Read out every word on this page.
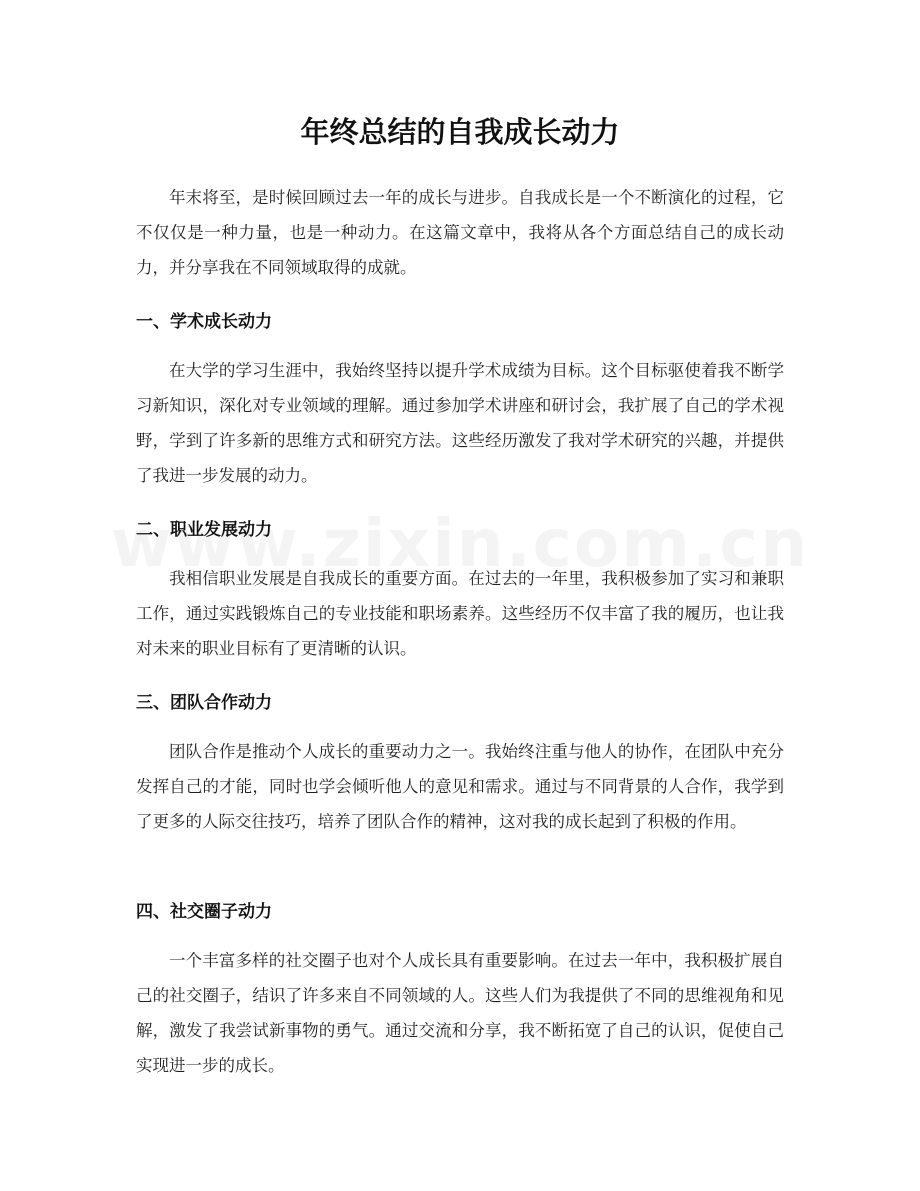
年终总结的自我成长动力

年末将至，是时候回顾过去一年的成长与进步。自我成长是一个不断演化的过程，它不仅仅是一种力量，也是一种动力。在这篇文章中，我将从各个方面总结自己的成长动力，并分享我在不同领域取得的成就。

一、学术成长动力

在大学的学习生涯中，我始终坚持以提升学术成绩为目标。这个目标驱使着我不断学习新知识，深化对专业领域的理解。通过参加学术讲座和研讨会，我扩展了自己的学术视野，学到了许多新的思维方式和研究方法。这些经历激发了我对学术研究的兴趣，并提供了我进一步发展的动力。

二、职业发展动力

我相信职业发展是自我成长的重要方面。在过去的一年里，我积极参加了实习和兼职工作，通过实践锻炼自己的专业技能和职场素养。这些经历不仅丰富了我的履历，也让我对未来的职业目标有了更清晰的认识。

三、团队合作动力

团队合作是推动个人成长的重要动力之一。我始终注重与他人的协作，在团队中充分发挥自己的才能，同时也学会倾听他人的意见和需求。通过与不同背景的人合作，我学到了更多的人际交往技巧，培养了团队合作的精神，这对我的成长起到了积极的作用。

四、社交圈子动力

一个丰富多样的社交圈子也对个人成长具有重要影响。在过去一年中，我积极扩展自己的社交圈子，结识了许多来自不同领域的人。这些人们为我提供了不同的思维视角和见解，激发了我尝试新事物的勇气。通过交流和分享，我不断拓宽了自己的认识，促使自己实现进一步的成长。
